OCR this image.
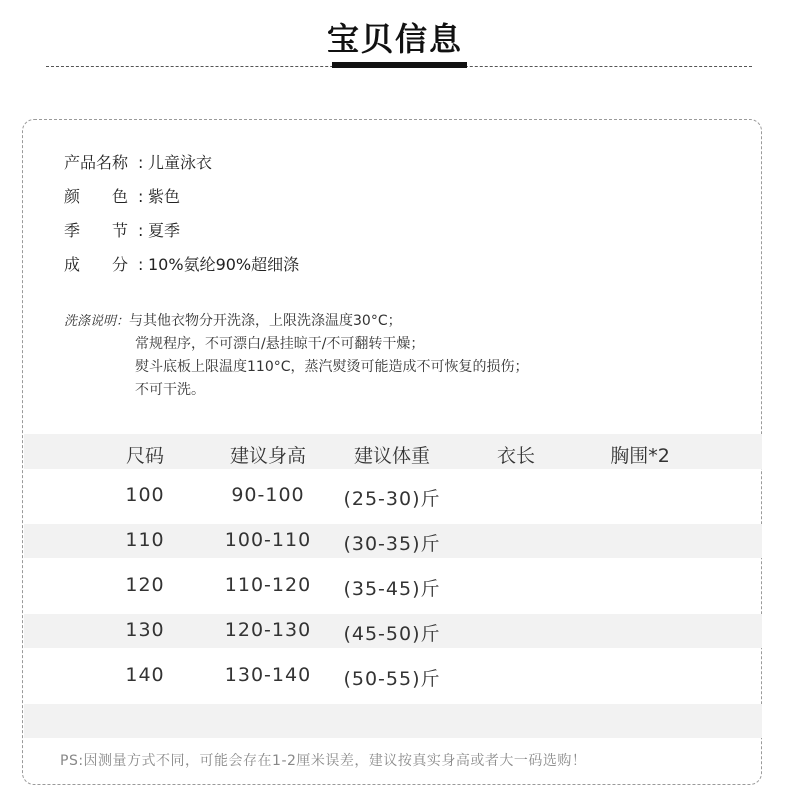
宝贝信息
产品名称 : 儿童泳衣
颜　　色 : 紫色
季　　节 : 夏季
成　　分 : 10%氨纶90%超细涤
洗涤说明：与其他衣物分开洗涤，上限洗涤温度30°C；
常规程序，不可漂白/悬挂晾干/不可翻转干燥；
熨斗底板上限温度110°C，蒸汽熨烫可能造成不可恢复的损伤；
不可干洗。
尺码	建议身高	建议体重	衣长	胸围*2
100	90-100	(25-30)斤
110	100-110	(30-35)斤
120	110-120	(35-45)斤
130	120-130	(45-50)斤
140	130-140	(50-55)斤
PS:因测量方式不同，可能会存在1-2厘米误差，建议按真实身高或者大一码选购！
